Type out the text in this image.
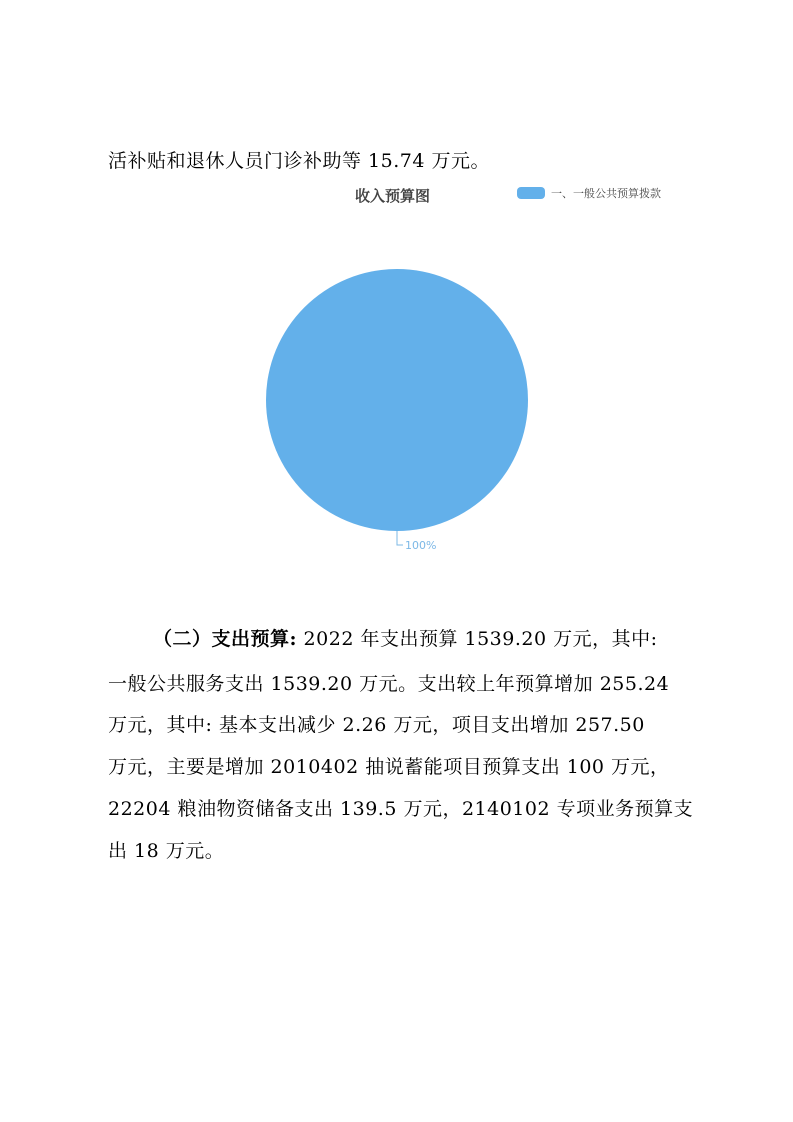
活补贴和退休人员门诊补助等 15.74 万元。
收入预算图	一、一般公共预算拨款
100%
（二）支出预算: 2022 年支出预算 1539.20 万元，其中:
一般公共服务支出 1539.20 万元。支出较上年预算增加 255.24
万元，其中: 基本支出减少 2.26 万元，项目支出增加 257.50
万元，主要是增加 2010402 抽说蓄能项目预算支出 100 万元，
22204 粮油物资储备支出 139.5 万元，2140102 专项业务预算支
出 18 万元。
